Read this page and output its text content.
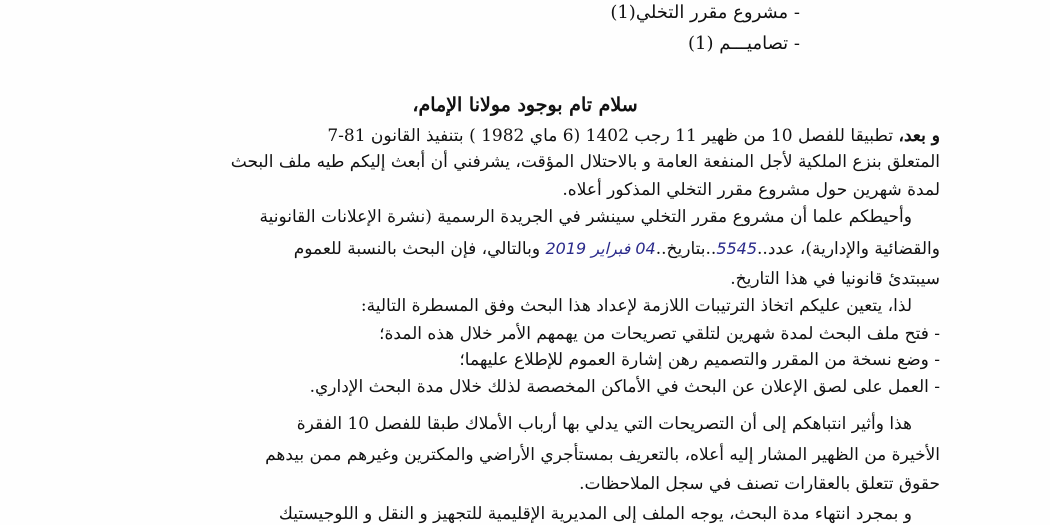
- مشروع مقرر التخلي(1)
- تصاميـــم (1)
سلام تام بوجود مولانا الإمام،
و بعد، تطبيقا للفصل 10 من ظهير 11 رجب 1402 (6 ماي 1982 ) بتنفيذ القانون 81-7
المتعلق بنزع الملكية لأجل المنفعة العامة و بالاحتلال المؤقت، يشرفني أن أبعث إليكم طيه ملف البحث
لمدة شهرين حول مشروع مقرر التخلي المذكور أعلاه.
وأحيطكم علما أن مشروع مقرر التخلي سينشر في الجريدة الرسمية (نشرة الإعلانات القانونية
والقضائية والإدارية)، عدد..5545..بتاريخ..04 فبراير 2019 وبالتالي، فإن البحث بالنسبة للعموم
سيبتدئ قانونيا في هذا التاريخ.
لذا، يتعين عليكم اتخاذ الترتيبات اللازمة لإعداد هذا البحث وفق المسطرة التالية:
- فتح ملف البحث لمدة شهرين لتلقي تصريحات من يهمهم الأمر خلال هذه المدة؛
- وضع نسخة من المقرر والتصميم رهن إشارة العموم للإطلاع عليهما؛
- العمل على لصق الإعلان عن البحث في الأماكن المخصصة لذلك خلال مدة البحث الإداري.
هذا وأثير انتباهكم إلى أن التصريحات التي يدلي بها أرباب الأملاك طبقا للفصل 10 الفقرة
الأخيرة من الظهير المشار إليه أعلاه، بالتعريف بمستأجري الأراضي والمكترين وغيرهم ممن بيدهم
حقوق تتعلق بالعقارات تصنف في سجل الملاحظات.
و بمجرد انتهاء مدة البحث، يوجه الملف إلى المديرية الإقليمية للتجهيز و النقل و اللوجيستيك
